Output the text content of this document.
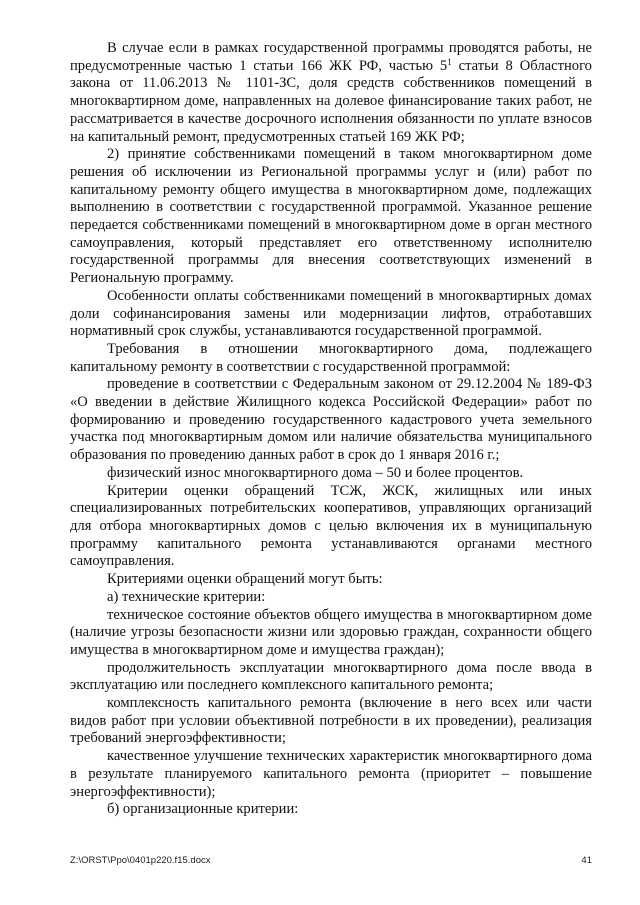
В случае если в рамках государственной программы проводятся работы, не предусмотренные частью 1 статьи 166 ЖК РФ, частью $5^1$ статьи 8 Областного закона от 11.06.2013 № 1101-ЗС, доля средств собственников помещений в многоквартирном доме, направленных на долевое финансирование таких работ, не рассматривается в качестве досрочного исполнения обязанности по уплате взносов на капитальный ремонт, предусмотренных статьей 169 ЖК РФ;

2) принятие собственниками помещений в таком многоквартирном доме решения об исключении из Региональной программы услуг и (или) работ по капитальному ремонту общего имущества в многоквартирном доме, подлежащих выполнению в соответствии с государственной программой. Указанное решение передается собственниками помещений в многоквартирном доме в орган местного самоуправления, который представляет его ответственному исполнителю государственной программы для внесения соответствующих изменений в Региональную программу.

Особенности оплаты собственниками помещений в многоквартирных домах доли софинансирования замены или модернизации лифтов, отработавших нормативный срок службы, устанавливаются государственной программой.

Требования в отношении многоквартирного дома, подлежащего капитальному ремонту в соответствии с государственной программой:

проведение в соответствии с Федеральным законом от 29.12.2004 № 189-ФЗ «О введении в действие Жилищного кодекса Российской Федерации» работ по формированию и проведению государственного кадастрового учета земельного участка под многоквартирным домом или наличие обязательства муниципального образования по проведению данных работ в срок до 1 января 2016 г.;

физический износ многоквартирного дома – 50 и более процентов.

Критерии оценки обращений ТСЖ, ЖСК, жилищных или иных специализированных потребительских кооперативов, управляющих организаций для отбора многоквартирных домов с целью включения их в муниципальную программу капитального ремонта устанавливаются органами местного самоуправления.

Критериями оценки обращений могут быть:

а) технические критерии:

техническое состояние объектов общего имущества в многоквартирном доме (наличие угрозы безопасности жизни или здоровью граждан, сохранности общего имущества в многоквартирном доме и имущества граждан);

продолжительность эксплуатации многоквартирного дома после ввода в эксплуатацию или последнего комплексного капитального ремонта;

комплексность капитального ремонта (включение в него всех или части видов работ при условии объективной потребности в их проведении), реализация требований энергоэффективности;

качественное улучшение технических характеристик многоквартирного дома в результате планируемого капитального ремонта (приоритет – повышение энергоэффективности);

б) организационные критерии:

Z:\ORST\Ppo\0401p220.f15.docx	41
